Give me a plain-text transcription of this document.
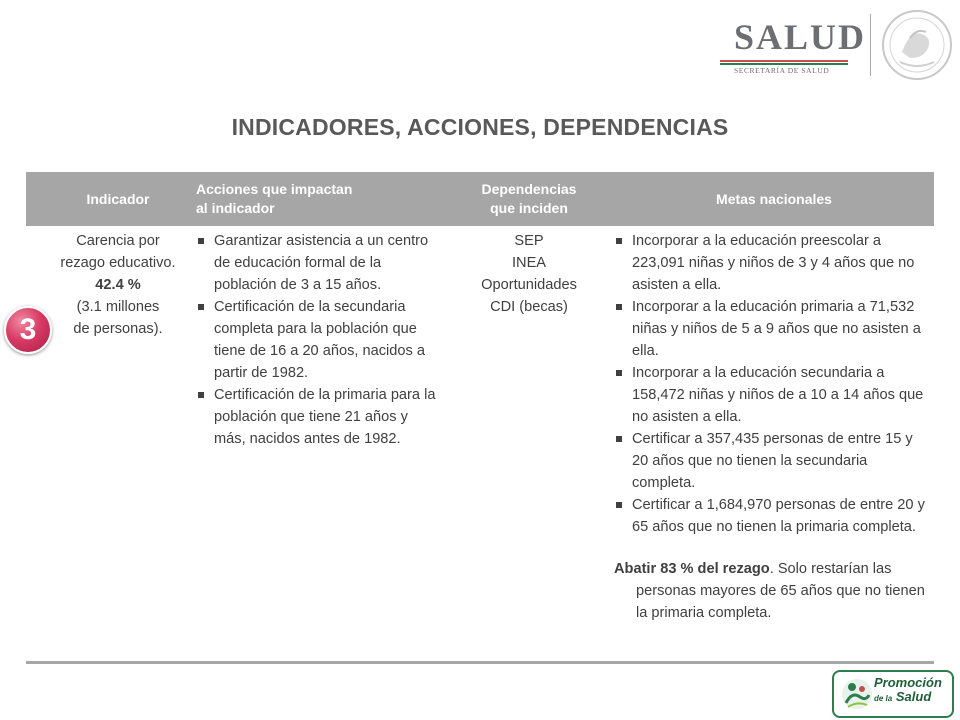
SALUD
SECRETARÍA DE SALUD
INDICADORES, ACCIONES, DEPENDENCIAS
Indicador
Acciones que impactan
al indicador
Dependencias
que inciden
Metas nacionales
Carencia por
rezago educativo.
42.4 %
(3.1 millones
de personas).
Garantizar asistencia a un centro de educación formal de la población de 3 a 15 años.
Certificación de la secundaria completa para la población que tiene de 16 a 20 años, nacidos a partir de 1982.
Certificación de la primaria para la población que tiene 21 años y más, nacidos antes de 1982.
SEP
INEA
Oportunidades
CDI (becas)
Incorporar a la educación preescolar a 223,091 niñas y niños de 3 y 4 años que no asisten a ella.
Incorporar a la educación primaria a 71,532 niñas y niños de 5 a 9 años que no asisten a ella.
Incorporar a la educación secundaria a 158,472 niñas y niños de a 10 a 14 años que no asisten a ella.
Certificar a 357,435 personas de entre 15 y 20 años que no tienen la secundaria completa.
Certificar a 1,684,970 personas de entre 20 y 65 años que no tienen la primaria completa.
Abatir 83 % del rezago. Solo restarían las personas mayores de 65 años que no tienen la primaria completa.
3
Promoción
de la Salud
